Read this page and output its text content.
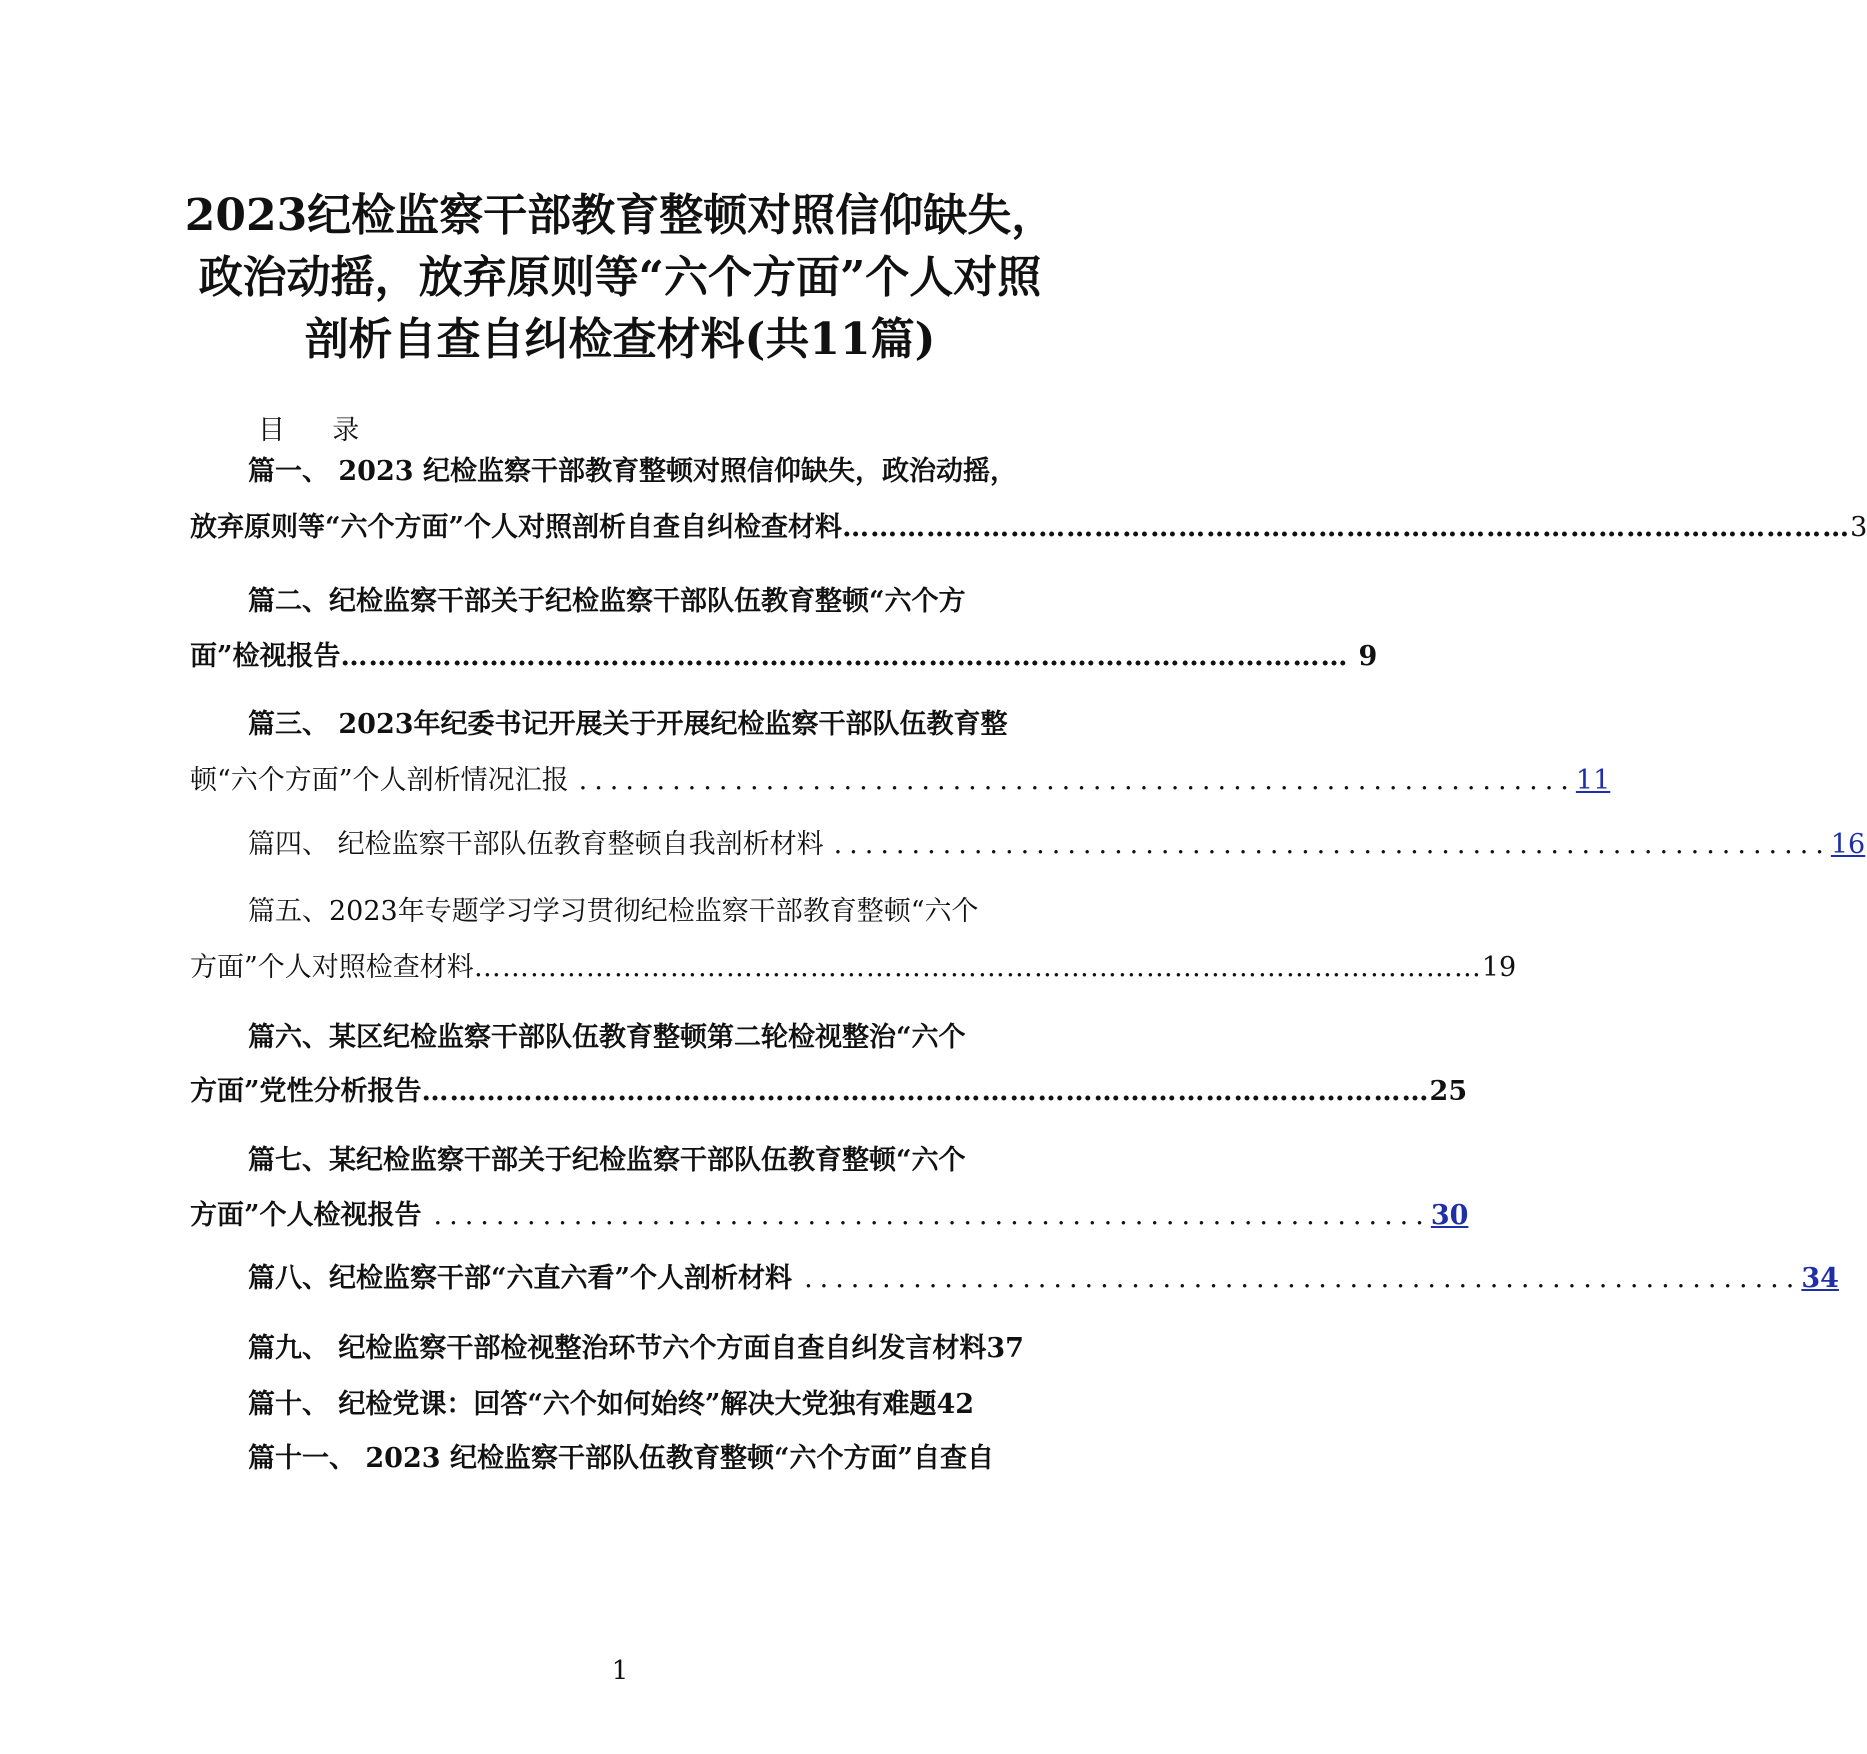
2023纪检监察干部教育整顿对照信仰缺失，
政治动摇，放弃原则等“六个方面”个人对照
剖析自查自纠检查材料(共11篇)
目 录
篇一、 2023 纪检监察干部教育整顿对照信仰缺失，政治动摇，
放弃原则等“六个方面”个人对照剖析自查自纠检查材料 ……………………………………………………………………………………………… 3
篇二、纪检监察干部关于纪检监察干部队伍教育整顿“六个方
面”检视报告 ……………………………………………………………………………………………… 9
篇三、 2023年纪委书记开展关于开展纪检监察干部队伍教育整
顿“六个方面”个人剖析情况汇报 ................................................................ 11
篇四、 纪检监察干部队伍教育整顿自我剖析材料 ................................................................ 16
篇五、2023年专题学习学习贯彻纪检监察干部教育整顿“六个
方面”个人对照检查材料 ……………………………………………………………………………………………… 19
篇六、某区纪检监察干部队伍教育整顿第二轮检视整治“六个
方面”党性分析报告 ……………………………………………………………………………………………… 25
篇七、某纪检监察干部关于纪检监察干部队伍教育整顿“六个
方面”个人检视报告 ................................................................ 30
篇八、纪检监察干部“六直六看”个人剖析材料 ................................................................ 34
篇九、 纪检监察干部检视整治环节六个方面自查自纠发言材料37
篇十、 纪检党课：回答“六个如何始终”解决大党独有难题42
篇十一、 2023 纪检监察干部队伍教育整顿“六个方面”自查自
1
